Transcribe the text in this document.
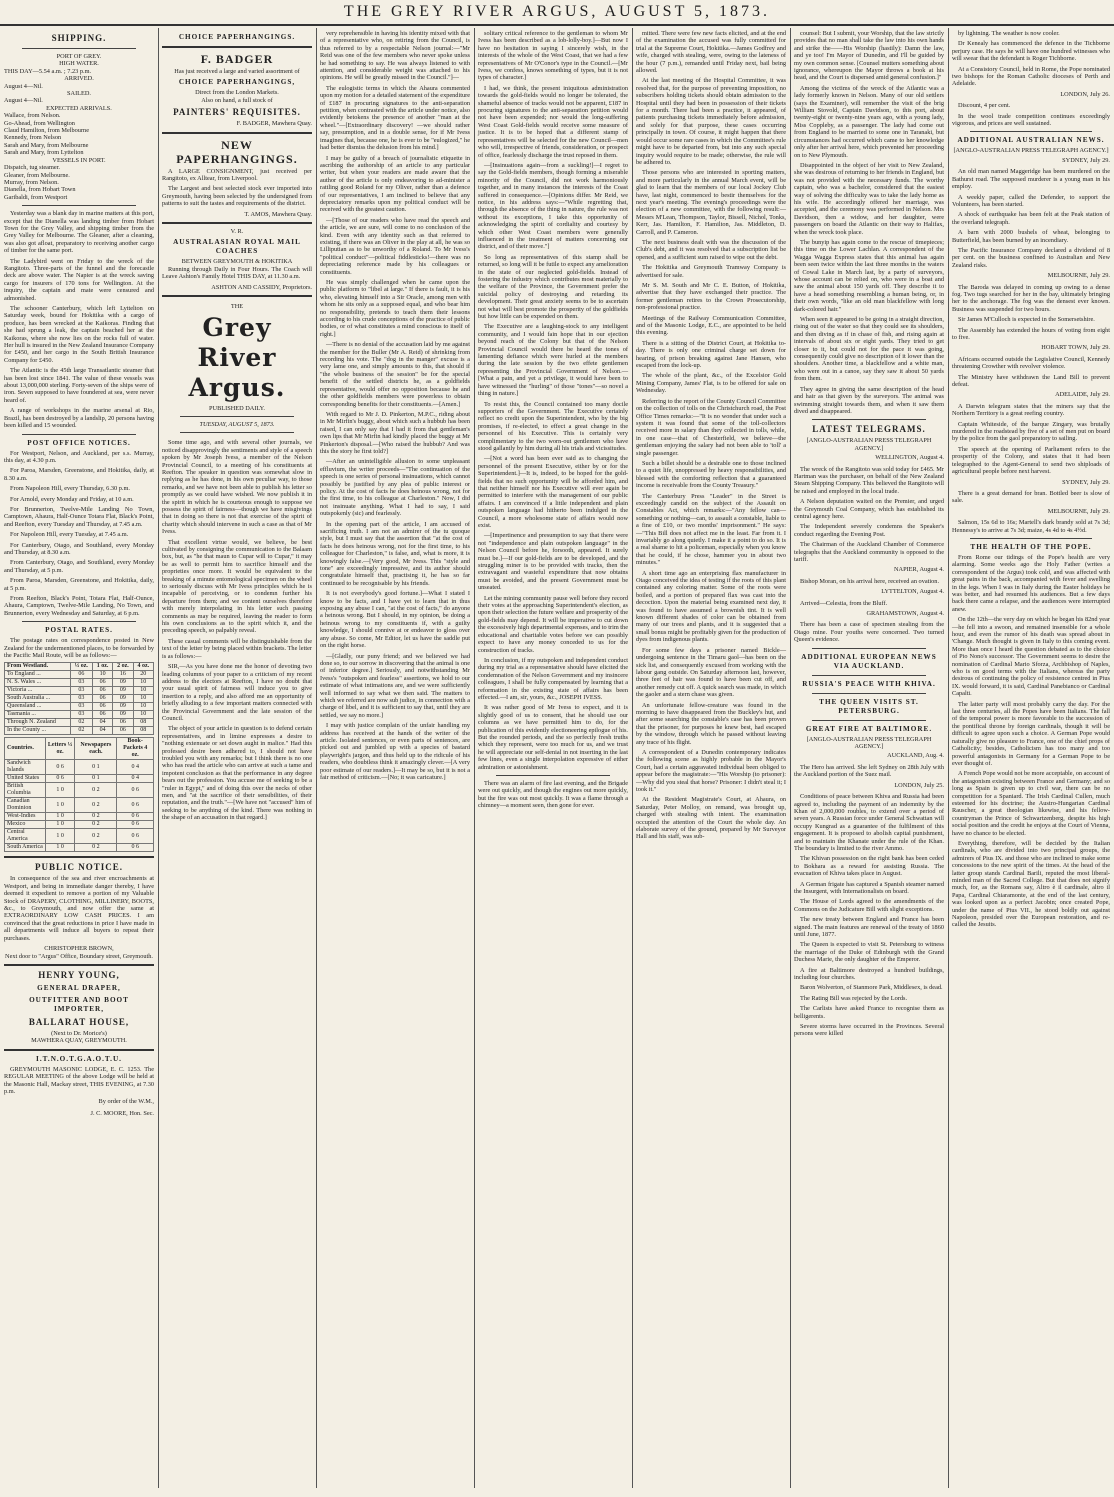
THE GREY RIVER ARGUS, AUGUST 5, 1873.
SHIPPING.
PORT OF GREY.
HIGH WATER.
THIS DAY—5.54 a.m. ; 7.23 p.m.
ARRIVED.
August 4—Nil.
SAILED.
August 4—Nil.
EXPECTED ARRIVALS.
Wallace, from Nelson.
Go-Ahead, from Wellington
Claud Hamilton, from Melbourne
Kennedy, from Nelson
Sarah and Mary, from Melbourne
Sarah and Mary, from Lyttelton
VESSELS IN PORT.
Dispatch, tug steamer.
Gleaner, from Melbourne.
Murray, from Nelson.
Dianella, from Hobart Town
Garibaldi, from Westport

Yesterday was a blank day in marine matters at this port, except that the Dianella was landing timber from Hobart Town for the Grey Valley, and shipping timber from the Grey Valley for Melbourne. The Gleaner, after a cleaning, was also got afloat, preparatory to receiving another cargo of timber for the same port.

The Ladybird went on Friday to the wreck of the Rangitoto. Three-parts of the funnel and the forecastle deck are above water. The Napier is at the wreck saving cargo for insurers of 170 tons for Wellington. At the inquiry, the captain and mate were censured and admonished.

The schooner Canterbury, which left Lyttelton on Saturday week, bound for Hokitika with a cargo of produce, has been wrecked at the Kaikoras. Finding that she had sprung a leak, the captain beached her at the Kaikoras, where she now lies on the rocks full of water. Her hull is insured in the New Zealand Insurance Company for £450, and her cargo in the South British Insurance Company for £450.

The Atlantic is the 45th large Transatlantic steamer that has been lost since 1841. The value of these vessels was about 13,000,000 sterling. Forty-seven of the ships were of iron. Seven supposed to have foundered at sea, were never heard of.

A range of workshops in the marine arsenal at Rio, Brazil, has been destroyed by a landslip, 20 persons having been killed and 15 wounded.

POST OFFICE NOTICES.

For Westport, Nelson, and Auckland, per s.s. Murray, this day, at 4.30 p.m.

For Paroa, Marsden, Greenstone, and Hokitika, daily, at 8.30 a.m.

From Napoleon Hill, every Thursday, 6.30 p.m.

For Arnold, every Monday and Friday, at 10 a.m.

For Brunnerton, Twelve-Mile Landing No Town, Camptown, Ahaura, Half-Ounce Totara Flat, Black's Point, and Reefton, every Tuesday and Thursday, at 7.45 a.m.

For Napoleon Hill, every Tuesday, at 7.45 a.m.

For Canterbury, Otago, and Southland, every Monday and Thursday, at 8.30 a.m.

From Canterbury, Otago, and Southland, every Monday and Thursday, at 5 p.m.

From Paroa, Marsden, Greenstone, and Hokitika, daily, at 5 p.m.

From Reefton, Black's Point, Totara Flat, Half-Ounce, Ahaura, Camptown, Twelve-Mile Landing, No Town, and Brunnerton, every Wednesday and Saturday, at 6 p.m.

POSTAL RATES.

The postage rates on correspondence posted in New Zealand for the undermentioned places, to be forwarded by the Pacific Mail Route, will be as follows:—

From Westland.	½ oz.	1 oz.	2 oz.	4 oz.
To England ...	06	10	16	20
N. S. Wales ...	03	06	09	10
Victoria ...	03	06	09	10
South Australia ...	03	06	09	10
Queensland ...	03	06	09	10
Tasmania ...	03	06	09	10
Through N. Zealand	02	04	06	08
In the County ...	02	04	06	08
Countries.	Letters ½ oz.	Newspapers each.	Book-Packets 4 oz.
Sandwich Islands	0 6	0 1	0 4
United States	0 6	0 1	0 4
British Columbia	1 0	0 2	0 6
Canadian Dominion	1 0	0 2	0 6
West-Indies	1 0	0 2	0 6
Mexico	1 0	0 2	0 6
Central America	1 0	0 2	0 6
South America	1 0	0 2	0 6
PUBLIC NOTICE.

In consequence of the sea and river encroachments at Westport, and being in immediate danger thereby, I have deemed it expedient to remove a portion of my Valuable Stock of DRAPERY, CLOTHING, MILLINERY, BOOTS, &c., to Greymouth, and now offer the same at EXTRAORDINARY LOW CASH PRICES. I am convinced that the great reductions in price I have made in all departments will induce all buyers to repeat their purchases.

CHRISTOPHER BROWN,
Next door to "Argus" Office, Boundary street, Greymouth.
HENRY YOUNG,
GENERAL DRAPER,
OUTFITTER AND BOOT IMPORTER,
BALLARAT HOUSE,
(Next to Dr. Morice's)
MAWHERA QUAY, GREYMOUTH.
I.T.N.O.T.G.A.O.T.U.

GREYMOUTH MASONIC LODGE, E. C. 1253. The REGULAR MEETING of the above Lodge will be held at the Masonic Hall, Mackay street, THIS EVENING, at 7.30 p.m.

By order of the W.M.,
J. C. MOORE, Hon. Sec.
CHOICE PAPERHANGINGS.
F. BADGER
Has just received a large and varied assortment of
CHOICE PAPERHANGINGS,
Direct from the London Markets.
Also on hand, a full stock of
PAINTERS' REQUISITES.
F. BADGER, Mawhera Quay.
NEW PAPERHANGINGS.

A LARGE CONSIGNMENT, just received per Rangitoto, ex Alltear, from Liverpool.

The Largest and best selected stock ever imported into Greymouth, having been selected by the undersigned from patterns to suit the tastes and requirements of the district.

T. AMOS, Mawhera Quay.
V. R.
AUSTRALASIAN ROYAL MAIL COACHES
BETWEEN GREYMOUTH & HOKITIKA

Running through Daily in Four Hours. The Coach will Leave Ashton's Family Hotel THIS DAY, at 11.30 a.m.

ASHTON AND CASSIDY, Proprietors.
THE
Grey River Argus.
PUBLISHED DAILY.
TUESDAY, AUGUST 5, 1873.

Some time ago, and with several other journals, we noticed disapprovingly the sentiments and style of a speech spoken by Mr Joseph Ivess, a member of the Nelson Provincial Council, to a meeting of his constituents at Reefton. The speaker in question was somewhat slow in replying as he has done, in his own peculiar way, to those remarks, and we have not been able to publish his letter so promptly as we could have wished. We now publish it in the spirit in which he is courteous enough to suppose we possess the spirit of fairness—though we have misgivings that in doing so there is not that exercise of the spirit of charity which should intervene in such a case as that of Mr Ivess.

That excellent virtue would, we believe, be best cultivated by consigning the communication to the Balaam box, but, as "he that maun to Cupar will to Cupar," it may be as well to permit him to sacrifice himself and the proprieties once more. It would be equivalent to the breaking of a minute entomological specimen on the wheel to seriously discuss with Mr Ivess principles which he is incapable of perceiving, or to condemn further his departure from them; and we content ourselves therefore with merely interpolating in his letter such passing comments as may be required, leaving the reader to form his own conclusions as to the spirit which it, and the preceding speech, so palpably reveal.

These casual comments will be distinguishable from the text of the letter by being placed within brackets. The letter is as follows:—

SIR,—As you have done me the honor of devoting two leading columns of your paper to a criticism of my recent address to the electors at Reefton, I have no doubt that your usual spirit of fairness will induce you to give insertion to a reply, and also afford me an opportunity of briefly alluding to a few important matters connected with the Provincial Government and the late session of the Council.

The object of your article in question is to defend certain representatives, and in limine expresses a desire to "nothing extenuate or set down aught in malice." Had this professed desire been adhered to, I should not have troubled you with any remarks; but I think there is no one who has read the article who can arrive at such a tame and impotent conclusion as that the performance in any degree bears out the profession. You accuse me of seeking to be a "ruler in Egypt," and of doing this over the necks of other men, and "at the sacrifice of their sensibilities, of their reputation, and the truth."—[We have not "accused" him of seeking to be anything of the kind. There was nothing in the shape of an accusation in that regard.]

very reprehensible in having his identity mixed with that of a representative who, on retiring from the Council, is thus referred to by a respectable Nelson journal:—"Mr Reid was one of the few members who never spoke unless he had something to say. He was always listened to with attention, and considerable weight was attached to his opinions. He will be greatly missed in the Council."]—

The eulogistic terms in which the Ahaura commented upon my motion for a detailed statement of the expenditure of £187 in procuring signatures to the anti-separation petition, when contrasted with the article under notice, also evidently betokens the presence of another "man at the wheel."—[Extraordinary discovery! —we should rather say, presumption, and in a double sense, for if Mr Ivess imagines that, because one, he is ever to be "eulogized," he had better dismiss the delusion from his mind.]

I may be guilty of a breach of journalistic etiquette in ascribing the authorship of an article to any particular writer, but when your readers are made aware that the author of the article is only endeavoring to ad-minister a rattling good Roland for my Oliver, rather than a defence of our representatives, I am inclined to believe that any depreciatory remarks upon my political conduct will be received with the greatest caution.

—[Those of our readers who have read the speech and the article, we are sure, will come to no conclusion of the kind. Even with any identity such as that referred to existing, if there was an Oliver in the play at all, he was so Lilliputian as to be unworthy of a Roland. To Mr Ivess's "political conduct"—political fiddlesticks!—there was no depreciating reference made by his colleagues or constituents.

He was simply challenged when he came upon the public platform to "libel at large." If there is fault, it is his who, elevating himself into a Sir Oracle, among men with whom he sits only as a supposed equal, and who bear him no responsibility, pretends to teach them their lessons according to his crude conceptions of the practice of public bodies, or of what constitutes a mind conscious to itself of right.]

—There is no denial of the accusation laid by me against the member for the Buller (Mr A. Reid) of shrinking from recording his vote. The "dog in the manger" excuse is a very lame one, and simply amounts to this, that should if "the whole business of the session" be for the special benefit of the settled districts he, as a goldfields representative, would offer no opposition because he and the other goldfields members were powerless to obtain corresponding benefits for their constituents.—[Amen.]

With regard to Mr J. D. Pinkerton, M.P.C., riding about in Mr Mirfin's buggy, about which such a hubbub has been raised, I can only say that I had it from that gentleman's own lips that Mr Mirfin had kindly placed the buggy at Mr Pinkerton's disposal.—[Who raised the hubbub? And was this the story he first told?]

—After an unintelligible allusion to some unpleasant effluvium, the writer proceeds—"The continuation of the speech is one series of personal insinuations, which cannot possibly be justified by any plea of public interest or policy. At the cost of facts he does heinous wrong, not for the first time, to his colleague at Charleston." Now, I did not insinuate anything. What I had to say, I said outspokenly (sic) and fearlessly.

In the opening part of the article, I am accused of sacrificing truth. I am not an admirer of the tu quoque style, but I must say that the assertion that "at the cost of facts he does heinous wrong, not for the first time, to his colleague for Charleston," is false, and, what is more, it is knowingly false.—[Very good, Mr Ivess. This "style and tone" are exceedingly impressive, and its author should congratulate himself that, practising it, he has so far continued to be recognisable by his friends.

It is not everybody's good fortune.]—What I stated I know to be facts, and I have yet to learn that in thus exposing any abuse I can, "at the cost of facts," do anyone a heinous wrong. But I should, in my opinion, be doing a heinous wrong to my constituents if, with a guilty knowledge, I should connive at or endeavor to gloss over any abuse. So come, Mr Editor, let us have the saddle put on the right horse.

—[Gladly, our puny friend; and we believed we had done so, to our sorrow in discovering that the animal is one of inferior degree.] Seriously, and notwithstanding Mr Ivess's "outspoken and fearless" assertions, we hold to our estimate of what intimations are, and we were sufficiently well informed to say what we then said. The matters to which we referred are now sub judice, in connection with a charge of libel, and it is sufficient to say that, until they are settled, we say no more.]

I may with justice complain of the unfair handling my address has received at the hands of the writer of the article. Isolated sentences, or even parts of sentences, are picked out and jumbled up with a species of bastard playwright's jargon, and thus held up to the ridicule of his readers, who doubtless think it amazingly clever.—[A very poor estimate of our readers.]—It may be so, but it is not a fair method of criticism.—[No; it was caricature.]

solitary critical reference to the gentleman to whom Mr Ivess has been described as a lob-lolly-boy.]—But now I have no hesitation in saying I sincerely wish, in the interests of the whole of the West Coast, that we had a few representatives of Mr O'Conor's type in the Council.—[Mr Ivess, we confess, knows something of types, but it is not types of character.]

I had, we think, the present iniquitous administration towards the gold-fields would no longer be tolerated, the shameful absence of tracks would not be apparent, £187 in procuring signatures to the anti-separation petition would not have been expended; nor would the long-suffering West Coast Gold-fields would receive some measure of justice. It is to be hoped that a different stamp of representatives will be selected for the new Council—men who will, irrespective of friends, consideration, or prospect of office, fearlessly discharge the trust reposed in them.

—[Insinuations again—from a suckling!]—I regret to say the Gold-fields members, though forming a miserable minority of the Council, did not work harmoniously together, and in many instances the interests of the Coast suffered in consequence.—[Opinions differ. Mr Reid, we notice, in his address says:—"While regretting that, through the absence of the thing in nature, the rule was not without its exceptions, I take this opportunity of acknowledging the spirit of cordiality and courtesy by which other West Coast members were generally influenced in the treatment of matters concerning our district, and of their move."]

So long as representatives of this stamp shall be returned, so long will it be futile to expect any amelioration in the state of our neglected gold-fields. Instead of fostering the industry which contributes most materially to the welfare of the Province, the Government prefer the suicidal policy of destroying and retarding its development. Their great anxiety seems to be to ascertain not what will best promote the prosperity of the goldfields but how little can be expended on them.

The Executive are a laughing-stock to any intelligent community, and I would fain hope that in our ejection beyond reach of the Colony but that of the Nelson Provincial Council would there be heard the tones of lamenting defiance which were hurled at the members during the late session by the two effete gentlemen representing the Provincial Government of Nelson.—[What a pain, and yet a privilege, it would have been to have witnessed the "hurling" of those "tones"—so novel a thing in nature.]

To resist this, the Council contained too many docile supporters of the Government. The Executive certainly reflect no credit upon the Superintendent, who by the big promises, if re-elected, to effect a great change in the personnel of his Executive. This is certainly very complimentary to the two worn-out gentlemen who have stood gallantly by him during all his trials and vicissitudes.

—[Not a word has been ever said as to changing the personnel of the present Executive, either by or for the Superintendent.]—It is, indeed, to be hoped for the gold-fields that no such opportunity will be afforded him, and that neither himself nor his Executive will ever again be permitted to interfere with the management of our public affairs. I am convinced if a little independent and plain outspoken language had hitherto been indulged in the Council, a more wholesome state of affairs would now exist.

—[Impertinence and presumption to say that there were not "independence and plain outspoken language" in the Nelson Council before he, forsooth, appeared. It surely must be.]—If our gold-fields are to be developed, and the struggling miner is to be provided with tracks, then the extravagant and wasteful expenditure that now obtains must be avoided, and the present Government must be unseated.

Let the mining community pause well before they record their votes at the approaching Superintendent's election, as upon their selection the future welfare and prosperity of the gold-fields may depend. It will be imperative to cut down the excessively high departmental expenses, and to trim the educational and charitable votes before we can possibly expect to have any money conceded to us for the construction of tracks.

In conclusion, if my outspoken and independent conduct during my trial as a representative should have elicited the condemnation of the Nelson Government and my insincere colleagues, I shall be fully compensated by learning that a reformation in the existing state of affairs has been effected.—I am, sir, yours, &c., JOSEPH IVESS.

It was rather good of Mr Ivess to expect, and it is slightly good of us to consent, that he should use our columns as we have permitted him to do, for the publication of this evidently electioneering epilogue of his. But the rounded periods, and the so perfectly fresh truths which they represent, were too much for us, and we trust he will appreciate our self-denial in not inserting in the last few lines, even a single interpolation expressive of either admiration or astonishment.

There was an alarm of fire last evening, and the Brigade were out quickly, and though the engines out more quickly, but the fire was out most quickly. It was a flame through a chimney—a moment seen, then gone for ever.

mitted. There were few new facts elicited, and at the end of the examination the accused was fully committed for trial at the Supreme Court, Hokitika.—James Godfrey and wife, charged with stealing, were, owing to the lateness of the hour (7 p.m.), remanded until Friday next, bail being allowed.

At the last meeting of the Hospital Committee, it was resolved that, for the purpose of preventing imposition, no subscribers holding tickets should obtain admission to the Hospital until they had been in possession of their tickets for a month. There had been a practice, it appeared, of patients purchasing tickets immediately before admission, and solely for that purpose, these cases occurring principally in town. Of course, it might happen that there would occur some rare cases in which the Committee's rule might have to be departed from, but into any such special inquiry would require to be made; otherwise, the rule will be adhered to.

Those persons who are interested in sporting matters, and more particularly in the annual March event, will be glad to learn that the members of our local Jockey Club have, last night, commenced to bestir themselves for the next year's meeting. The evening's proceedings were the election of a new committee, with the following result:—Messrs M'Lean, Thompson, Taylor, Bissell, Nichol, Tonks, Kerr, Jas. Hamilton, F. Hamilton, Jas. Middleton, D. Carroll, and P. Cameron.

The next business dealt with was the discussion of the Club's debt, and it was resolved that a subscription list be opened, and a sufficient sum raised to wipe out the debt.

The Hokitika and Greymouth Tramway Company is advertised for sale.

Mr S. M. South and Mr C. E. Button, of Hokitika, advertise that they have exchanged their practice. The former gentleman retires to the Crown Prosecutorship, non-professional practice.

Meetings of the Railway Communication Committee, and of the Masonic Lodge, E.C., are appointed to be held this evening.

There is a sitting of the District Court, at Hokitika to-day. There is only one criminal charge set down for hearing, of prison breaking against Jane Hansen, who escaped from the lock-up.

The whole of the plant, &c., of the Excelsior Gold Mining Company, James' Flat, is to be offered for sale on Wednesday.

Referring to the report of the County Council Committee on the collection of tolls on the Christchurch road, the Post Office Times remarks:—"It is no wonder that under such a system it was found that some of the toll-collectors received more in salary than they collected in tolls, while, in one case—that of Chesterfield, we believe—the gentleman enjoying the salary had not been able to 'toll' a single passenger.

Such a billet should be a desirable one to those inclined to a quiet life, unoppressed by heavy responsibilities, and blessed with the comforting reflection that a guaranteed income is receivable from the County Treasury."

The Canterbury Press "Leader" in the Street is exceedingly candid on the subject of the Assault on Constables Act, which remarks:—"Any fellow can—something or nothing—can, to assault a constable, liable to a fine of £10, or two months' imprisonment." He says:—"This Bill does not affect me in the least. Far from it. I invariably go along quietly. I make it a point to do so. It is a real shame to hit a policeman, especially when you know that he could, if he chose, hammer you in about two minutes."

A short time ago an enterprising flax manufacturer in Otago conceived the idea of testing if the roots of this plant contained any coloring matter. Some of the roots were boiled, and a portion of prepared flax was cast into the decoction. Upon the material being examined next day, it was found to have assumed a brownish tint. It is well known different shades of color can be obtained from many of our trees and plants, and it is suggested that a small bonus might be profitably given for the production of dyes from indigenous plants.

For some few days a prisoner named Bickle—undergoing sentence in the Timaru gaol—has been on the sick list, and consequently excused from working with the labour gang outside. On Saturday afternoon last, however, three feet of hair was found to have been cut off, and another remedy cut off. A quick search was made, in which the gaoler and a stern chase was given.

An unfortunate fellow-creature was found in the morning to have disappeared from the Buckley's hut, and after some searching the constable's case has been proven that the prisoner, for purposes he knew best, had escaped by the window, through which he passed without leaving any trace of his flight.

A correspondent of a Dunedin contemporary indicates the following scene as highly probable in the Mayor's Court, had a certain aggravated individual been obliged to appear before the magistrate:—"His Worship (to prisoner):—Why did you steal that horse? Prisoner: I didn't steal it; I took it."

At the Resident Magistrate's Court, at Ahaura, on Saturday, Peter Molloy, on remand, was brought up, charged with stealing with intent. The examination occupied the attention of the Court the whole day. An elaborate survey of the ground, prepared by Mr Surveyor Hall and his staff, was sub-

counsel: But I submit, your Worship, that the law strictly provides that no man shall take the law into his own hands and strike the——His Worship (hastily): Damn the law, and ye too! I'm Mayor of Dunedin, and I'll be guided by my own common sense. [Counsel mutters something about ignorance, whereupon the Mayor throws a book at his head, and the Court is dispersed amid general confusion.]"

Among the victims of the wreck of the Atlantic was a lady formerly known in Nelson. Many of our old settlers (says the Examiner), will remember the visit of the brig William Stovold, Captain Davidson, to this port, about twenty-eight or twenty-nine years ago, with a young lady, Miss Coppleby, as a passenger. The lady had come out from England to be married to some one in Taranaki, but circumstances had occurred which came to her knowledge only after her arrival here, which prevented her proceeding on to New Plymouth.

Disappointed in the object of her visit to New Zealand, she was desirous of returning to her friends in England, but was not provided with the necessary funds. The worthy captain, who was a bachelor, considered that the easiest way of solving the difficulty was to take the lady home as his wife. He accordingly offered her marriage, was accepted, and the ceremony was performed in Nelson. Mrs Davidson, then a widow, and her daughter, were passengers on board the Atlantic on their way to Halifax, when the wreck took place.

The bunyip has again come to the rescue of timepieces; this time on the Lower Lachlan. A correspondent of the Wagga Wagga Express states that this animal has again been seen twice within the last three months in the waters of Cowal Lake in March last, by a party of surveyors, whose account can be relied on, who were in a boat and saw the animal about 150 yards off. They describe it to have a head something resembling a human being, or, in their own words, "like an old man blackfellow with long dark-colored hair."

When seen it appeared to be going in a straight direction, rising out of the water so that they could see its shoulders, and then diving as if in chase of fish, and rising again at intervals of about six or eight yards. They tried to get closer to it, but could not for the pace it was going, consequently could give no description of it lower than the shoulders. Another time, a blackfellow and a white man, who were out in a canoe, say they saw it about 50 yards from them.

They agree in giving the same description of the head and hair as that given by the surveyors. The animal was swimming straight towards them, and when it saw them dived and disappeared.

LATEST TELEGRAMS.
[ANGLO-AUSTRALIAN PRESS TELEGRAPH AGENCY.]
WELLINGTON, August 4.

The wreck of the Rangitoto was sold today for £465. Mr Hartman was the purchaser, on behalf of the New Zealand Steam Shipping Company. This believed the Rangitoto will be raised and employed in the local trade.

A Nelson deputation waited on the Premier, and urged the Greymouth Coal Company, which has established its central agency here.

The Independent severely condemns the Speaker's conduct regarding the Evening Post.

The Chairman of the Auckland Chamber of Commerce telegraphs that the Auckland community is opposed to the tariff.

NAPIER, August 4.

Bishop Moran, on his arrival here, received an ovation.

LYTTELTON, August 4.

Arrived—Celestia, from the Bluff.

GRAHAMSTOWN, August 4.

There has been a case of specimen stealing from the Otago mine. Four youths were concerned. Two turned Queen's evidence.

ADDITIONAL EUROPEAN NEWS VIA AUCKLAND.
RUSSIA'S PEACE WITH KHIVA.
THE QUEEN VISITS ST. PETERSBURG.
GREAT FIRE AT BALTIMORE.
[ANGLO-AUSTRALIAN PRESS TELEGRAPH AGENCY.]
AUCKLAND, Aug. 4.

The Hero has arrived. She left Sydney on 28th July with the Auckland portion of the Suez mail.

LONDON, July 25.

Conditions of peace between Khiva and Russia had been agreed to, including the payment of an indemnity by the Khan of 2,000,000 roubles, to extend over a period of seven years. A Russian force under General Schwattan will occupy Kungrad as a guarantee of the fulfilment of this engagement. It is proposed to abolish capital punishment, and to maintain the Khanate under the rule of the Khan. The boundary is limited to the river Ammo.

The Khivan possession on the right bank has been ceded to Bokhara as a reward for assisting Russia. The evacuation of Khiva takes place in August.

A German frigate has captured a Spanish steamer named the Insurgent, with Internationalists on board.

The House of Lords agreed to the amendments of the Commons on the Judicature Bill with slight exceptions.

The new treaty between England and France has been signed. The main features are renewal of the treaty of 1860 until June, 1877.

The Queen is expected to visit St. Petersburg to witness the marriage of the Duke of Edinburgh with the Grand Duchess Marie, the only daughter of the Emperor.

A fire at Baltimore destroyed a hundred buildings, including four churches.

Baron Wolverton, of Stanmore Park, Middlesex, is dead.

The Rating Bill was rejected by the Lords.

The Carlists have asked France to recognise them as belligerents.

Severe storms have occurred in the Provinces. Several persons were killed

by lightning. The weather is now cooler.

Dr Kenealy has commenced the defence in the Tichborne perjury case. He says he will have one hundred witnesses who will swear that the defendant is Roger Tichborne.

At a Consistory Council, held in Rome, the Pope nominated two bishops for the Roman Catholic dioceses of Perth and Adelaide.

LONDON, July 26.

Discount, 4 per cent.

In the wool trade competition continues exceedingly vigorous, and prices are well sustained.

ADDITIONAL AUSTRALIAN NEWS.
[ANGLO-AUSTRALIAN PRESS TELEGRAPH AGENCY.]
SYDNEY, July 29.

An old man named Maggeridge has been murdered on the Bathurst road. The supposed murderer is a young man in his employ.

A weekly paper, called the Defender, to support the Volunteers, has been started.

A shock of earthquake has been felt at the Peak station of the overland telegraph.

A barn with 2000 bushels of wheat, belonging to Butterfield, has been burned by an incendiary.

The Pacific Insurance Company declared a dividend of 8 per cent. on the business confined to Australian and New Zealand risks.

MELBOURNE, July 29.

The Baroda was delayed in coming up owing to a dense fog. Two tugs searched for her in the bay, ultimately bringing her to the anchorage. The fog was the densest ever known. Business was suspended for two hours.

Sir James M'Culloch is expected in the Somersetshire.

The Assembly has extended the hours of voting from eight to five.

HOBART TOWN, July 29.

Africans occurred outside the Legislative Council, Kennedy threatening Crowther with revolver violence.

The Ministry have withdrawn the Land Bill to prevent defeat.

ADELAIDE, July 29.

A Darwin telegram states that the miners say that the Northern Territory is a great reefing country.

Captain Whiteside, of the barque Zingary, was brutally murdered in the roadstead by five of a set of men put on board by the police from the gaol preparatory to sailing.

The speech at the opening of Parliament refers to the prosperity of the Colony, and states that it had been telegraphed to the Agent-General to send two shiploads of agricultural people before next harvest.

SYDNEY, July 29.

There is a great demand for bran. Bottled beer is slow of sale.

MELBOURNE, July 29.

Salmon, 15s 6d to 16s; Martell's dark brandy sold at 7s 3d; Hennessy's to arrive at 7s 3d; maize, 4s 4d to 4s 4½d.

THE HEALTH OF THE POPE.

From Rome our tidings of the Pope's health are very alarming. Some weeks ago the Holy Father (writes a correspondent of the Argus) took cold, and was affected with great pains in the back, accompanied with fever and swelling in the legs. When I was in Italy during the Easter holidays he was better, and had resumed his audiences. But a few days back there came a relapse, and the audiences were interrupted anew.

On the 12th—the very day on which he began his 82nd year—he fell into a swoon, and remained insensible for a whole hour, and even the rumor of his death was spread about in 'Change. Much thought is given in Italy to this coming event. More than once I heard the question debated as to the choice of Pio Nono's successor. The Government seems to desire the nomination of Cardinal Mario Sforza, Archbishop of Naples, who is on good terms with the Italians, whereas the party desirous of continuing the policy of resistence centred in Pius IX. would forward, it is said, Cardinal Panebianco or Cardinal Capalti.

The latter party will most probably carry the day. For the last three centuries, all the Popes have been Italians. The fall of the temporal power is more favorable to the succession of the pontifical throne by foreign cardinals, though it will be difficult to agree upon such a choice. A German Pope would naturally give no pleasure to France, one of the chief props of Catholicity; besides, Catholicism has too many and too powerful antagonists in Germany for a German Pope to be ever thought of.

A French Pope would not be more acceptable, on account of the antagonism existing between France and Germany; and so long as Spain is given up to civil war, there can be no competition for a Spaniard. The Irish Cardinal Cullen, much esteemed for his doctrine; the Austro-Hungarian Cardinal Rauscher, a great theologian likewise, and his fellow-countryman the Prince of Schwartzenberg, despite his high social position and the credit he enjoys at the Court of Vienna, have no chance to be elected.

Everything, therefore, will be decided by the Italian cardinals, who are divided into two principal groups, the admirers of Pius IX. and those who are inclined to make some concessions to the new spirit of the times. At the head of the latter group stands Cardinal Barili, reputed the most liberal-minded man of the Sacred College. But that does not signify much, for, as the Romans say, Altro è il cardinale, altro il Papa, Cardinal Chiaramonte, at the end of the last century, was looked upon as a perfect Jacobin; once created Pope, under the name of Pius VII., he stood boldly out against Napoleon, presided over the European restoration, and re-called the Jesuits.
